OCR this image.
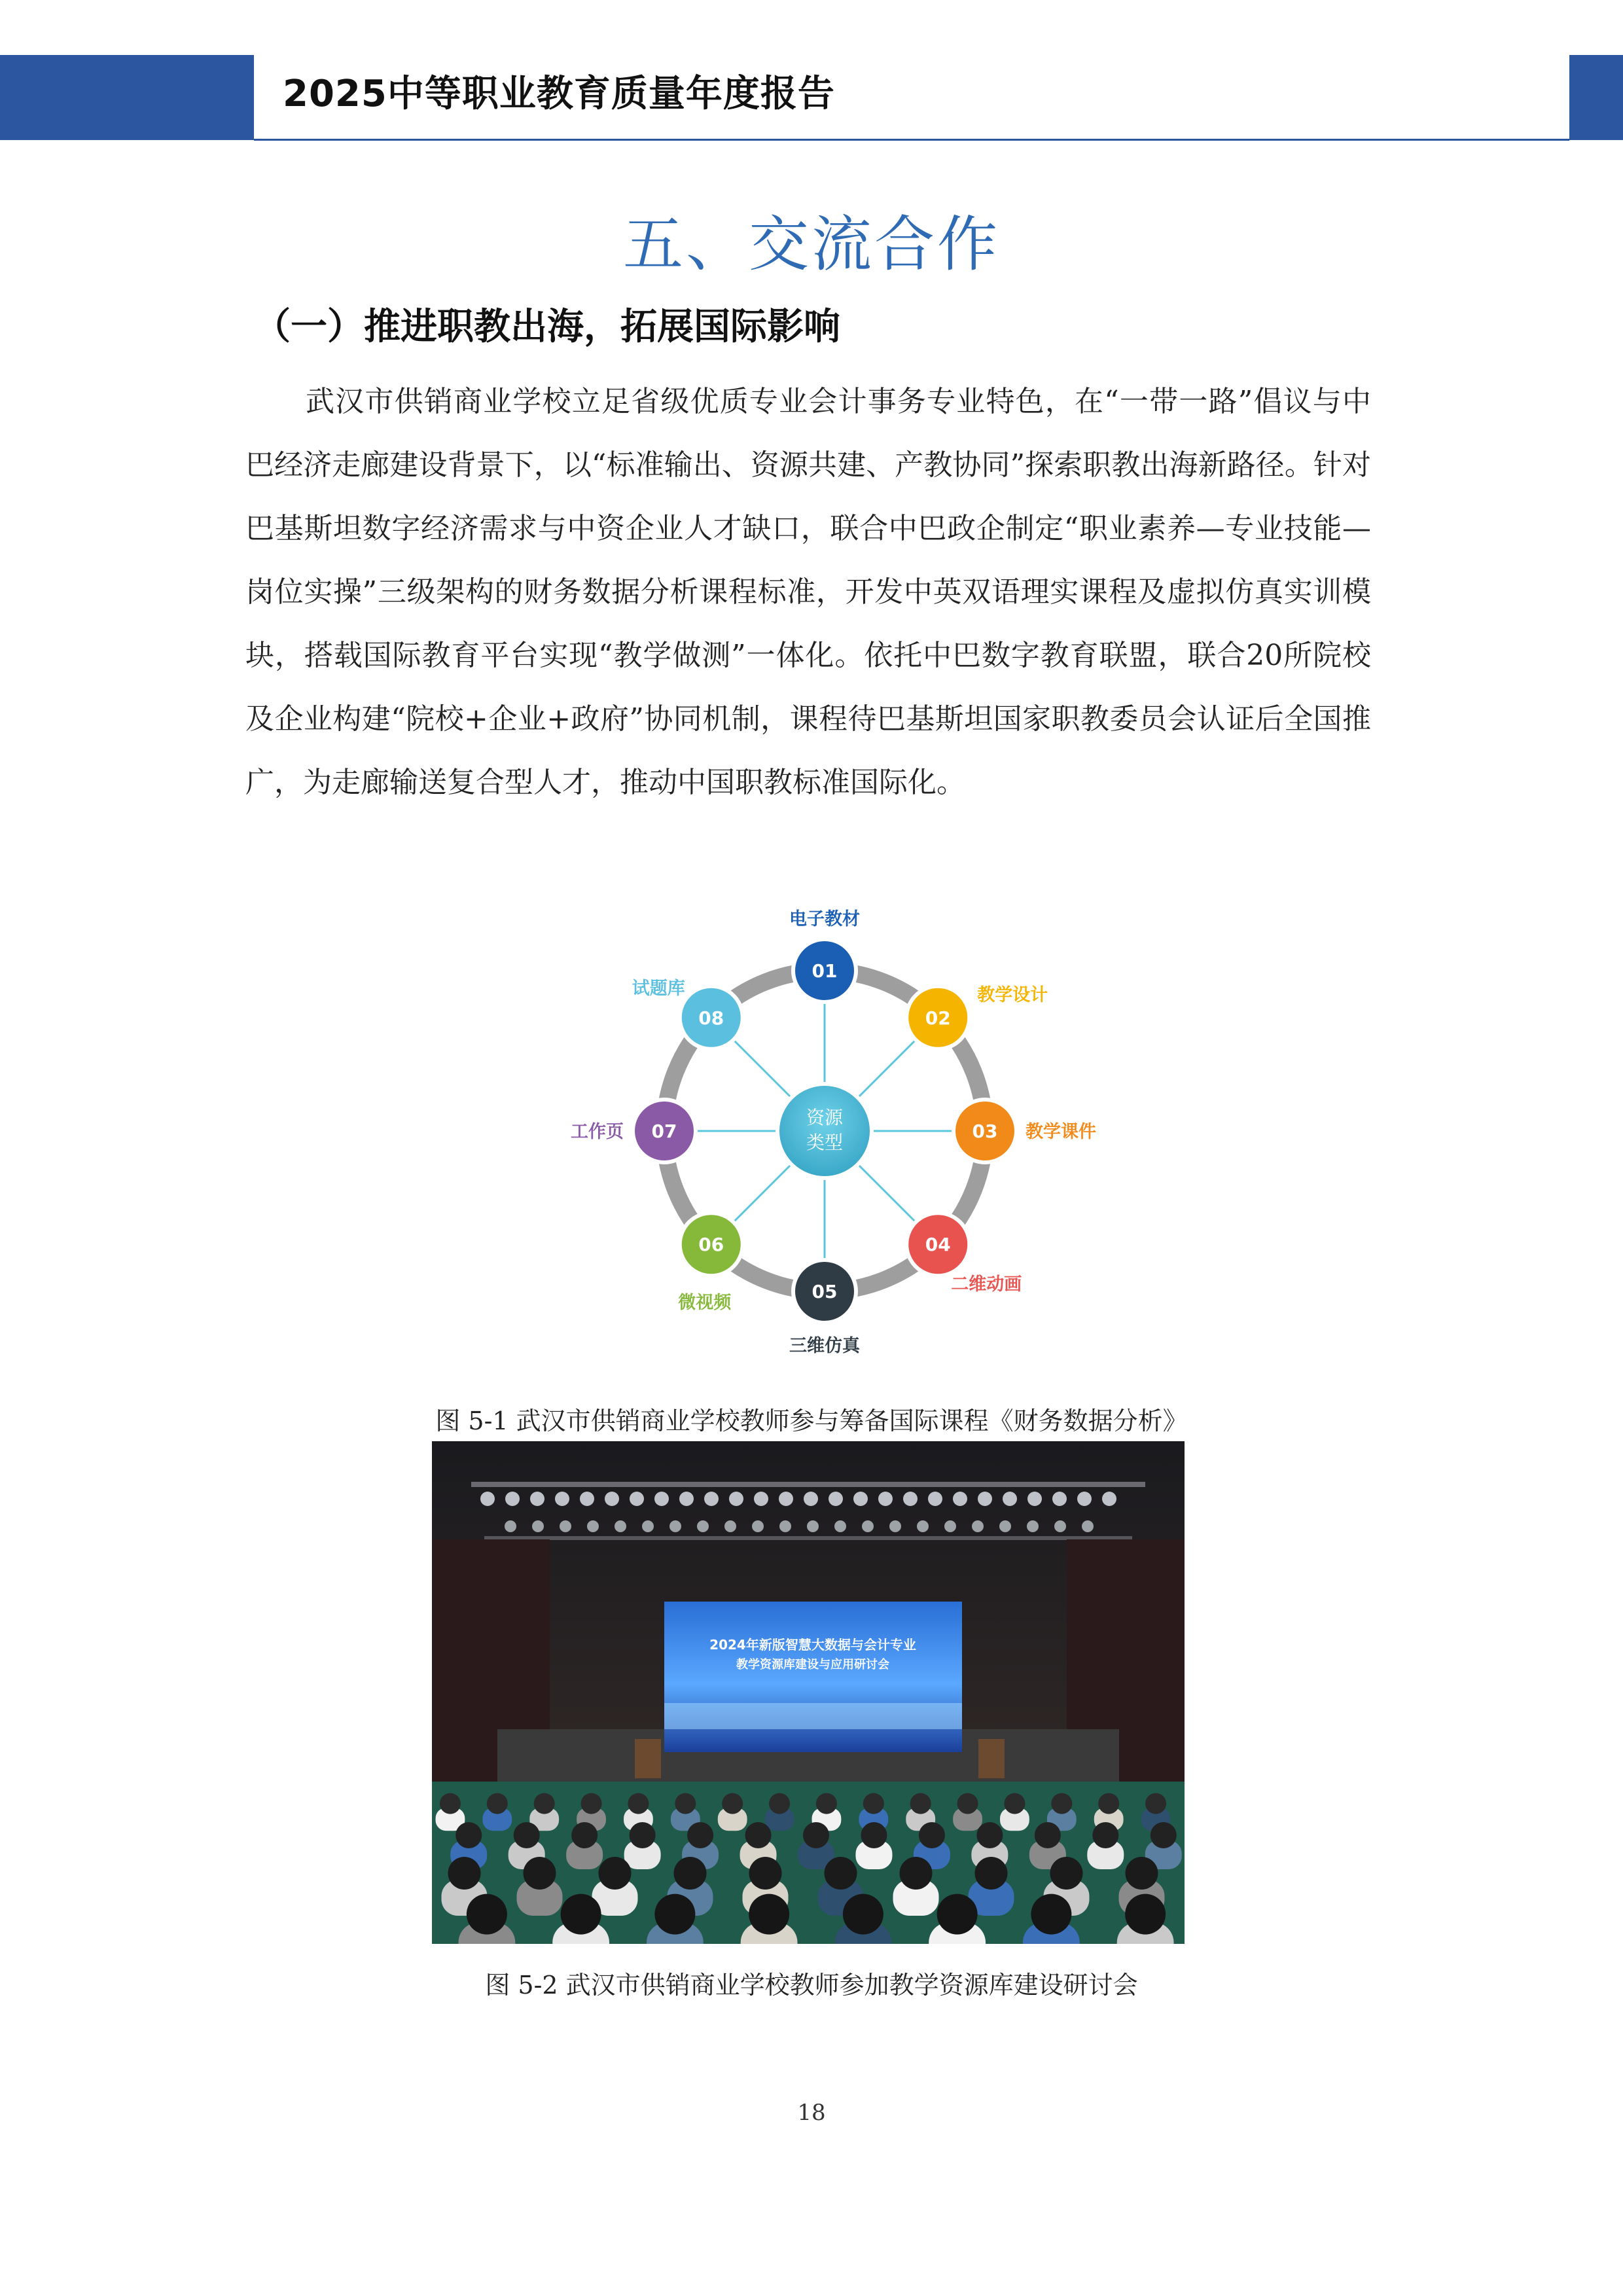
2025中等职业教育质量年度报告
五、交流合作
（一）推进职教出海，拓展国际影响

武汉市供销商业学校立足省级优质专业会计事务专业特色，在“一带一路”倡议与中巴经济走廊建设背景下，以“标准输出、资源共建、产教协同”探索职教出海新路径。针对巴基斯坦数字经济需求与中资企业人才缺口，联合中巴政企制定“职业素养—专业技能—岗位实操”三级架构的财务数据分析课程标准，开发中英双语理实课程及虚拟仿真实训模块，搭载国际教育平台实现“教学做测”一体化。依托中巴数字教育联盟，联合20所院校及企业构建“院校+企业+政府”协同机制，课程待巴基斯坦国家职教委员会认证后全国推广，为走廊输送复合型人才，推动中国职教标准国际化。

资源
类型
01
电子教材
02
教学设计
03 教学课件
04
二维动画
05
三维仿真
06
微视频
07
工作页
08
试题库
图 5-1 武汉市供销商业学校教师参与筹备国际课程《财务数据分析》
2024年新版智慧大数据与会计专业
教学资源库建设与应用研讨会
图 5-2 武汉市供销商业学校教师参加教学资源库建设研讨会
18
